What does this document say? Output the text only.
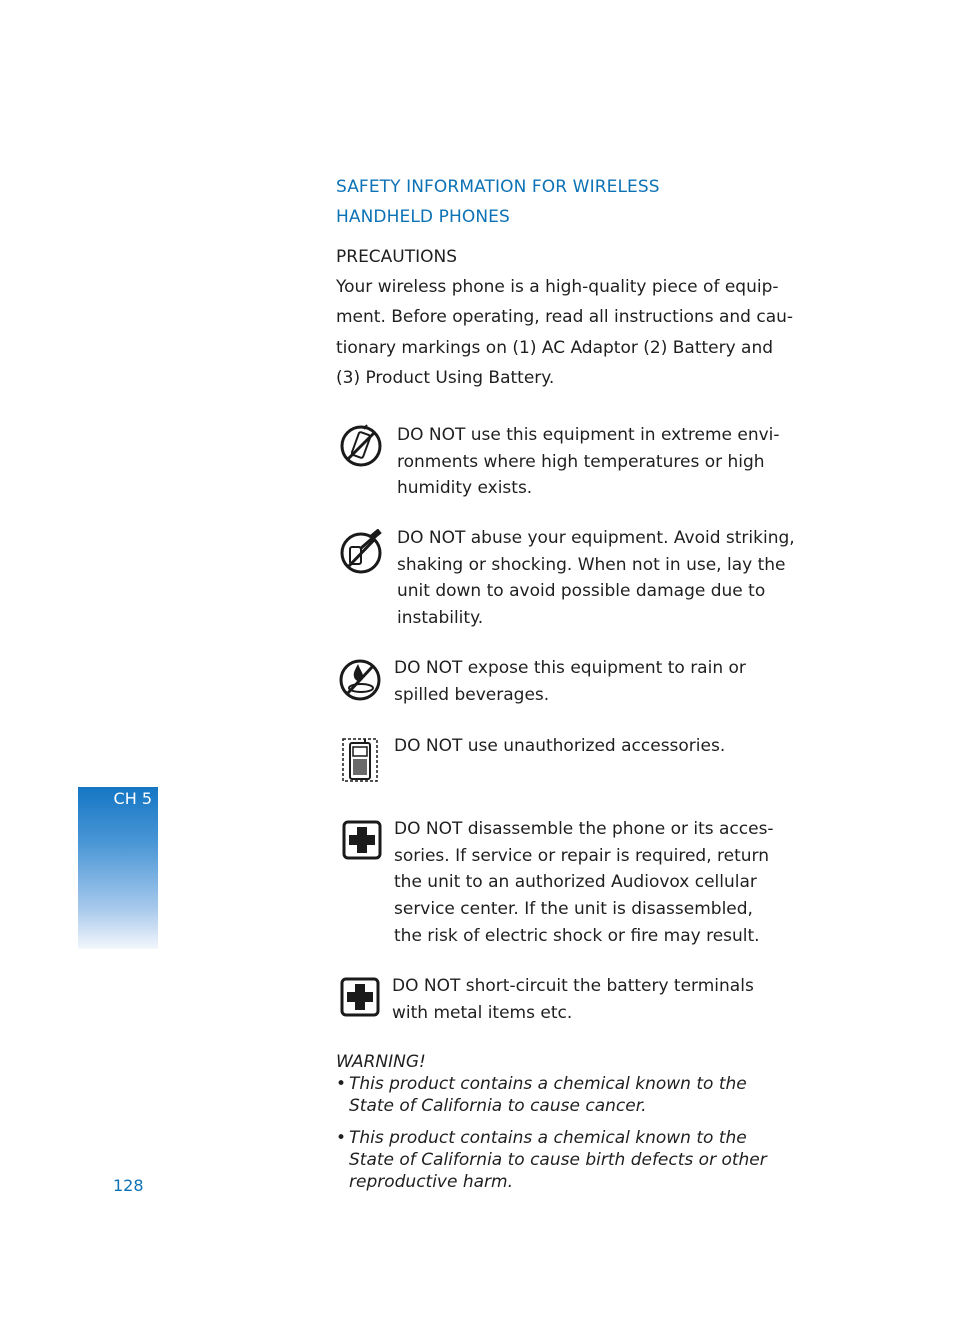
SAFETY INFORMATION FOR WIRELESS
HANDHELD PHONES
PRECAUTIONS
Your wireless phone is a high-quality piece of equip-
ment. Before operating, read all instructions and cau-
tionary markings on (1) AC Adaptor (2) Battery and
(3) Product Using Battery.
DO NOT use this equipment in extreme envi-
ronments where high temperatures or high
humidity exists.
DO NOT abuse your equipment. Avoid striking,
shaking or shocking. When not in use, lay the
unit down to avoid possible damage due to
instability.
DO NOT expose this equipment to rain or
spilled beverages.
DO NOT use unauthorized accessories.
DO NOT disassemble the phone or its acces-
sories. If service or repair is required, return
the unit to an authorized Audiovox cellular
service center. If the unit is disassembled,
the risk of electric shock or fire may result.
DO NOT short-circuit the battery terminals
with metal items etc.
WARNING!
• This product contains a chemical known to the
State of California to cause cancer.
• This product contains a chemical known to the
State of California to cause birth defects or other
reproductive harm.
CH 5
128
